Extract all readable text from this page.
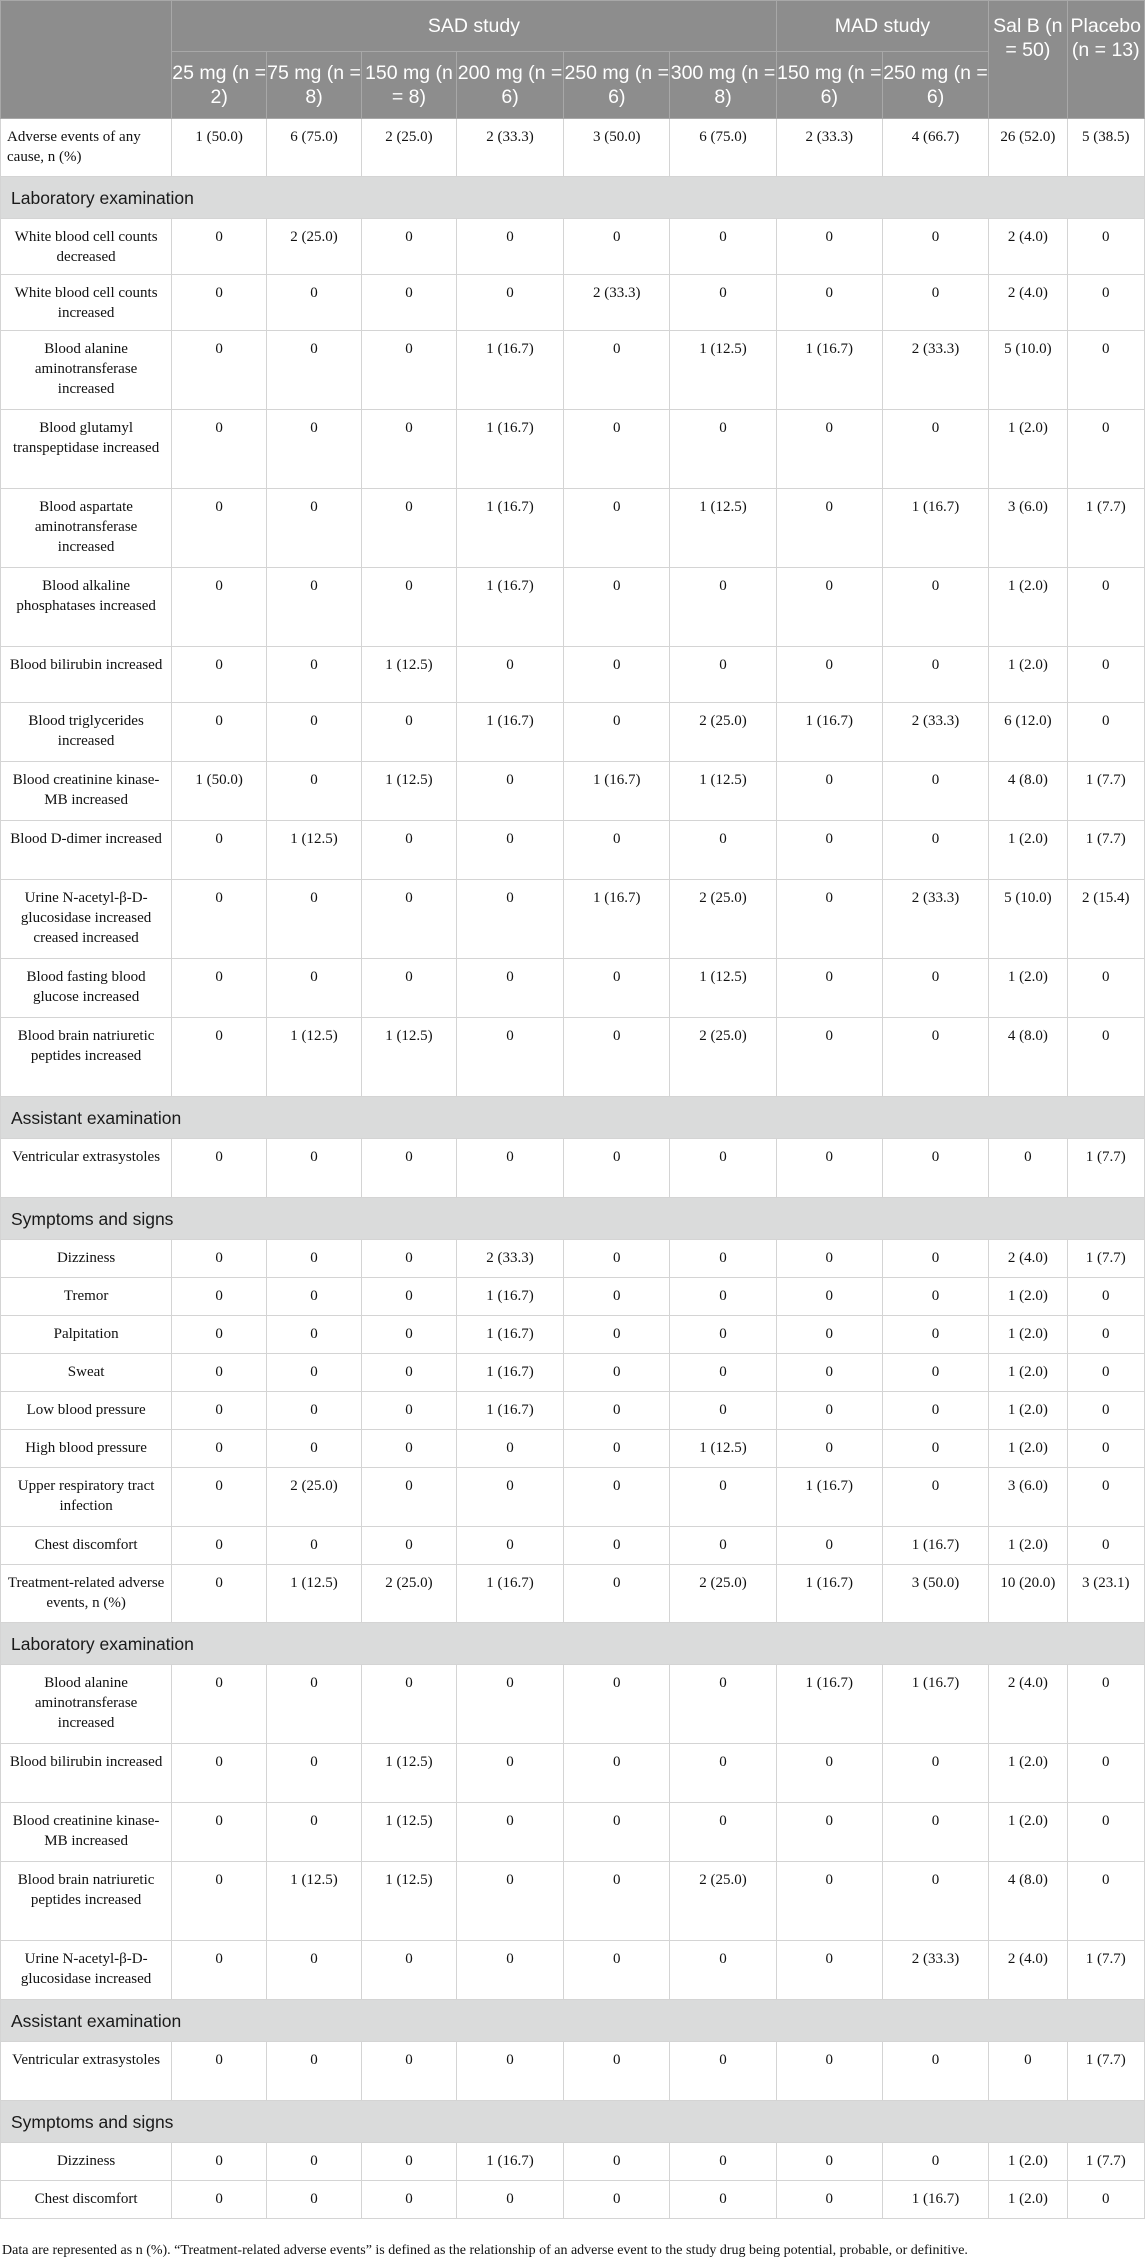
	SAD study						MAD study		Sal B (n = 50)	Placebo (n = 13)
	25 mg (n = 2)	75 mg (n = 8)	150 mg (n = 8)	200 mg (n = 6)	250 mg (n = 6)	300 mg (n = 8)	150 mg (n = 6)	250 mg (n = 6)		
Adverse events of any cause, n (%)	1 (50.0)	6 (75.0)	2 (25.0)	2 (33.3)	3 (50.0)	6 (75.0)	2 (33.3)	4 (66.7)	26 (52.0)	5 (38.5)
Laboratory examination										
White blood cell counts decreased	0	2 (25.0)	0	0	0	0	0	0	2 (4.0)	0
White blood cell counts increased	0	0	0	0	2 (33.3)	0	0	0	2 (4.0)	0
Blood alanine aminotransferase increased	0	0	0	1 (16.7)	0	1 (12.5)	1 (16.7)	2 (33.3)	5 (10.0)	0
Blood glutamyl transpeptidase increased	0	0	0	1 (16.7)	0	0	0	0	1 (2.0)	0
Blood aspartate aminotransferase increased	0	0	0	1 (16.7)	0	1 (12.5)	0	1 (16.7)	3 (6.0)	1 (7.7)
Blood alkaline phosphatases increased	0	0	0	1 (16.7)	0	0	0	0	1 (2.0)	0
Blood bilirubin increased	0	0	1 (12.5)	0	0	0	0	0	1 (2.0)	0
Blood triglycerides increased	0	0	0	1 (16.7)	0	2 (25.0)	1 (16.7)	2 (33.3)	6 (12.0)	0
Blood creatinine kinase-MB increased	1 (50.0)	0	1 (12.5)	0	1 (16.7)	1 (12.5)	0	0	4 (8.0)	1 (7.7)
Blood D-dimer increased	0	1 (12.5)	0	0	0	0	0	0	1 (2.0)	1 (7.7)
Urine N-acetyl-β-D-glucosidase increased creased increased	0	0	0	0	1 (16.7)	2 (25.0)	0	2 (33.3)	5 (10.0)	2 (15.4)
Blood fasting blood glucose increased	0	0	0	0	0	1 (12.5)	0	0	1 (2.0)	0
Blood brain natriuretic peptides increased	0	1 (12.5)	1 (12.5)	0	0	2 (25.0)	0	0	4 (8.0)	0
Assistant examination										
Ventricular extrasystoles	0	0	0	0	0	0	0	0	0	1 (7.7)
Symptoms and signs										
Dizziness	0	0	0	2 (33.3)	0	0	0	0	2 (4.0)	1 (7.7)
Tremor	0	0	0	1 (16.7)	0	0	0	0	1 (2.0)	0
Palpitation	0	0	0	1 (16.7)	0	0	0	0	1 (2.0)	0
Sweat	0	0	0	1 (16.7)	0	0	0	0	1 (2.0)	0
Low blood pressure	0	0	0	1 (16.7)	0	0	0	0	1 (2.0)	0
High blood pressure	0	0	0	0	0	1 (12.5)	0	0	1 (2.0)	0
Upper respiratory tract infection	0	2 (25.0)	0	0	0	0	1 (16.7)	0	3 (6.0)	0
Chest discomfort	0	0	0	0	0	0	0	1 (16.7)	1 (2.0)	0
Treatment-related adverse events, n (%)	0	1 (12.5)	2 (25.0)	1 (16.7)	0	2 (25.0)	1 (16.7)	3 (50.0)	10 (20.0)	3 (23.1)
Laboratory examination										
Blood alanine aminotransferase increased	0	0	0	0	0	0	1 (16.7)	1 (16.7)	2 (4.0)	0
Blood bilirubin increased	0	0	1 (12.5)	0	0	0	0	0	1 (2.0)	0
Blood creatinine kinase-MB increased	0	0	1 (12.5)	0	0	0	0	0	1 (2.0)	0
Blood brain natriuretic peptides increased	0	1 (12.5)	1 (12.5)	0	0	2 (25.0)	0	0	4 (8.0)	0
Urine N-acetyl-β-D-glucosidase increased	0	0	0	0	0	0	0	2 (33.3)	2 (4.0)	1 (7.7)
Assistant examination										
Ventricular extrasystoles	0	0	0	0	0	0	0	0	0	1 (7.7)
Symptoms and signs										
Dizziness	0	0	0	1 (16.7)	0	0	0	0	1 (2.0)	1 (7.7)
Chest discomfort	0	0	0	0	0	0	0	1 (16.7)	1 (2.0)	0
Data are represented as n (%). “Treatment-related adverse events” is defined as the relationship of an adverse event to the study drug being potential, probable, or definitive.
